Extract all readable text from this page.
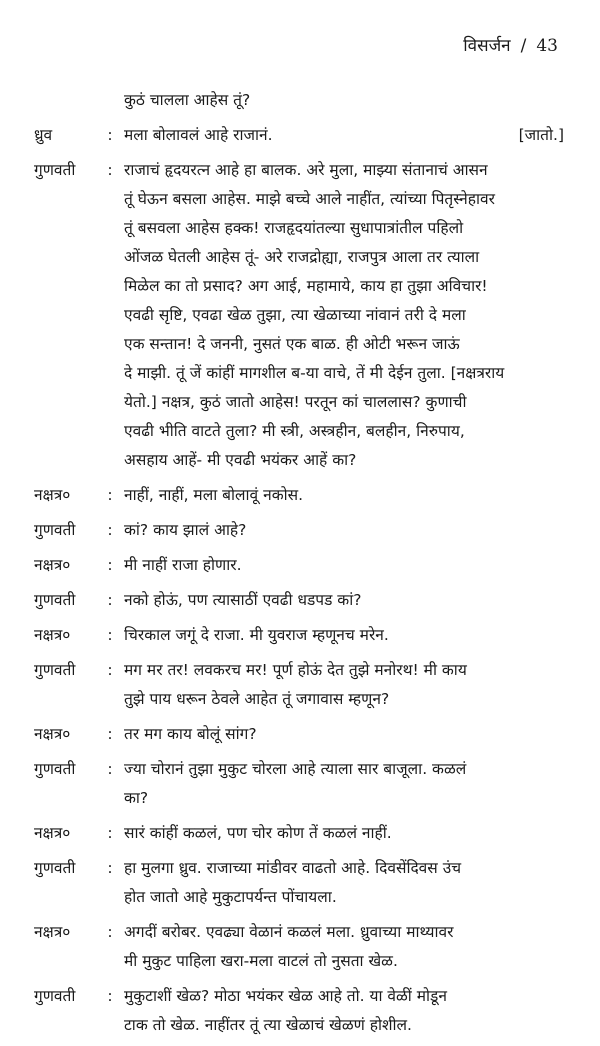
विसर्जन / 43
कुठं चालला आहेस तूं?
ध्रुव	: मला बोलावलं आहे राजानं.	[जातो.]
गुणवती	: राजाचं हृदयरत्न आहे हा बालक. अरे मुला, माझ्या संतानाचं आसन
तूं घेऊन बसला आहेस. माझे बच्चे आले नाहींत, त्यांच्या पितृस्नेहावर
तूं बसवला आहेस हक्क! राजहृदयांतल्या सुधापात्रांतील पहिलो
ओंजळ घेतली आहेस तूं- अरे राजद्रोह्या, राजपुत्र आला तर त्याला
मिळेल का तो प्रसाद? अग आई, महामाये, काय हा तुझा अविचार!
एवढी सृष्टि, एवढा खेळ तुझा, त्या खेळाच्या नांवानं तरी दे मला
एक सन्तान! दे जननी, नुसतं एक बाळ. ही ओटी भरून जाऊं
दे माझी. तूं जें कांहीं मागशील ब-या वाचे, तें मी देईन तुला. [नक्षत्रराय
येतो.] नक्षत्र, कुठं जातो आहेस! परतून कां चाललास? कुणाची
एवढी भीति वाटते तुला? मी स्त्री, अस्त्रहीन, बलहीन, निरुपाय,
असहाय आहें- मी एवढी भयंकर आहें का?
नक्षत्र०	: नाहीं, नाहीं, मला बोलावूं नकोस.
गुणवती	: कां? काय झालं आहे?
नक्षत्र०	: मी नाहीं राजा होणार.
गुणवती	: नको होऊं, पण त्यासाठीं एवढी धडपड कां?
नक्षत्र०	: चिरकाल जगूं दे राजा. मी युवराज म्हणूनच मरेन.
गुणवती	: मग मर तर! लवकरच मर! पूर्ण होऊं देत तुझे मनोरथ! मी काय
तुझे पाय धरून ठेवले आहेत तूं जगावास म्हणून?
नक्षत्र०	: तर मग काय बोलूं सांग?
गुणवती	: ज्या चोरानं तुझा मुकुट चोरला आहे त्याला सार बाजूला. कळलं
का?
नक्षत्र०	: सारं कांहीं कळलं, पण चोर कोण तें कळलं नाहीं.
गुणवती	: हा मुलगा ध्रुव. राजाच्या मांडीवर वाढतो आहे. दिवसेंदिवस उंच
होत जातो आहे मुकुटापर्यन्त पोंचायला.
नक्षत्र०	: अगदीं बरोबर. एवढ्या वेळानं कळलं मला. ध्रुवाच्या माथ्यावर
मी मुकुट पाहिला खरा-मला वाटलं तो नुसता खेळ.
गुणवती	: मुकुटाशीं खेळ? मोठा भयंकर खेळ आहे तो. या वेळीं मोडून
टाक तो खेळ. नाहींतर तूं त्या खेळाचं खेळणं होशील.
